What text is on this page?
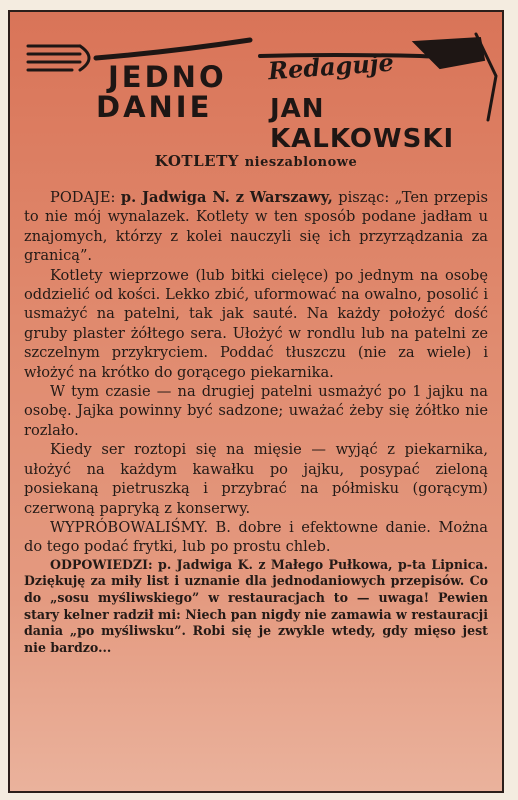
JEDNO
DANIE
Redaguje
JAN KALKOWSKI
KOTLETY nieszablonowe

PODAJE: p. Jadwiga N. z Warszawy, pisząc: „Ten przepis to nie mój wynalazek. Kotlety w ten sposób podane jadłam u znajomych, którzy z kolei nauczyli się ich przyrządzania za granicą”.

Kotlety wieprzowe (lub bitki cielęce) po jednym na osobę oddzielić od kości. Lekko zbić, uformować na owalno, posolić i usmażyć na patelni, tak jak sauté. Na każdy położyć dość gruby plaster żółtego sera. Ułożyć w rondlu lub na patelni ze szczelnym przykryciem. Poddać tłuszczu (nie za wiele) i włożyć na krótko do gorącego piekarnika.

W tym czasie — na drugiej patelni usmażyć po 1 jajku na osobę. Jajka powinny być sadzone; uważać żeby się żółtko nie rozlało.

Kiedy ser roztopi się na mięsie — wyjąć z piekarnika, ułożyć na każdym kawałku po jajku, posypać zieloną posiekaną pietruszką i przybrać na półmisku (gorącym) czerwoną papryką z konserwy.

WYPRÓBOWALIŚMY. B. dobre i efektowne danie. Można do tego podać frytki, lub po prostu chleb.

ODPOWIEDZI: p. Jadwiga K. z Małego Pułkowa, p-ta Lipnica. Dziękuję za miły list i uznanie dla jednodaniowych przepisów. Co do „sosu myśliwskiego” w restauracjach to — uwaga! Pewien stary kelner radził mi: Niech pan nigdy nie zamawia w restauracji dania „po myśliwsku”. Robi się je zwykle wtedy, gdy mięso jest nie bardzo...
